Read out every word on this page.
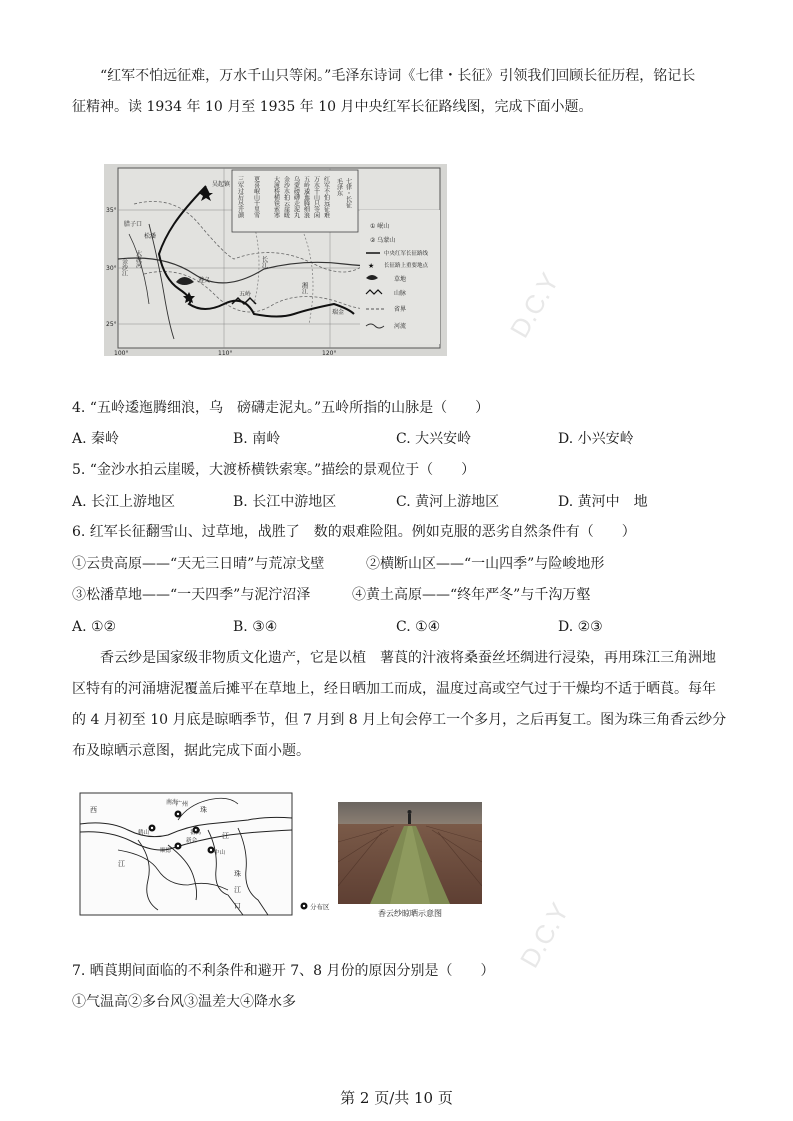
D.C.Y
D.C.Y
“红军不怕远征难，万水千山只等闲。”毛泽东诗词《七律・长征》引领我们回顾长征历程，铭记长
征精神。读 1934 年 10 月至 1935 年 10 月中央红军长征路线图，完成下面小题。
七律・长征
毛泽东
红军不怕远征难
万水千山只等闲
五岭逶迤腾细浪
乌蒙磅礴走泥丸
金沙水拍云崖暖
大渡桥横铁索寒
更喜岷山千里雪
三军过后尽开颜
① 岷山
② 乌蒙山
中央红军长征路线
★ 长征路上重要地点
草地
山脉
省界
河流
吴起镇
腊子口
松潘
大渡河
金沙江
遵义
长江
湘江
瑞金
五岭
35°
30°
25°
100°	110°	120°
4. “五岭逶迤腾细浪，乌　磅礴走泥丸。”五岭所指的山脉是（　　）
A. 秦岭	B. 南岭	C. 大兴安岭	D. 小兴安岭
5. “金沙水拍云崖暖，大渡桥横铁索寒。”描绘的景观位于（　　）
A. 长江上游地区	B. 长江中游地区	C. 黄河上游地区	D. 黄河中　地
6. 红军长征翻雪山、过草地，战胜了　数的艰难险阻。例如克服的恶劣自然条件有（　　）
①云贵高原——“天无三日晴”与荒凉戈壁	②横断山区——“一山四季”与险峻地形
③松潘草地——“一天四季”与泥泞沼泽	④黄土高原——“终年严冬”与千沟万壑
A. ①②	B. ③④	C. ①④	D. ②③
香云纱是国家级非物质文化遗产，它是以植　薯莨的汁液将桑蚕丝坯绸进行浸染，再用珠江三角洲地
区特有的河涌塘泥覆盖后摊平在草地上，经日晒加工而成，温度过高或空气过于干燥均不适于晒莨。每年
的 4 月初至 10 月底是晾晒季节，但 7 月到 8 月上旬会停工一个多月，之后再复工。图为珠三角香云纱分
布及晾晒示意图，据此完成下面小题。
西
江
南海
广州
珠
江
顺德
番禺
鹤山
新会
中山
珠
江
口	分布区
香云纱晾晒示意图
7. 晒莨期间面临的不利条件和避开 7、8 月份的原因分别是（　　）
①气温高②多台风③温差大④降水多
第 2 页/共 10 页
